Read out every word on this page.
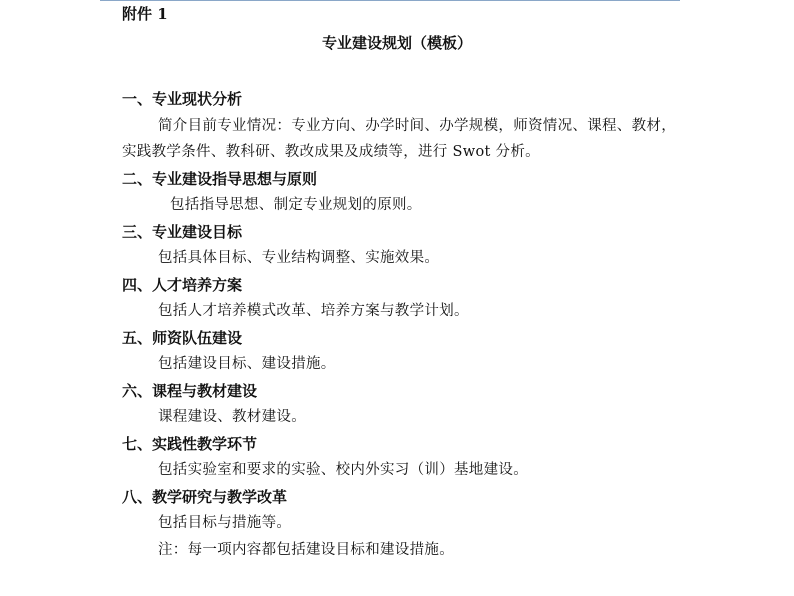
附件 1

专业建设规划（模板）
一、专业现状分析

简介目前专业情况：专业方向、办学时间、办学规模，师资情况、课程、教材，实践教学条件、教科研、教改成果及成绩等，进行 Swot 分析。

二、专业建设指导思想与原则

包括指导思想、制定专业规划的原则。

三、专业建设目标

包括具体目标、专业结构调整、实施效果。

四、人才培养方案

包括人才培养模式改革、培养方案与教学计划。

五、师资队伍建设

包括建设目标、建设措施。

六、课程与教材建设

课程建设、教材建设。

七、实践性教学环节

包括实验室和要求的实验、校内外实习（训）基地建设。

八、教学研究与教学改革

包括目标与措施等。

注：每一项内容都包括建设目标和建设措施。
